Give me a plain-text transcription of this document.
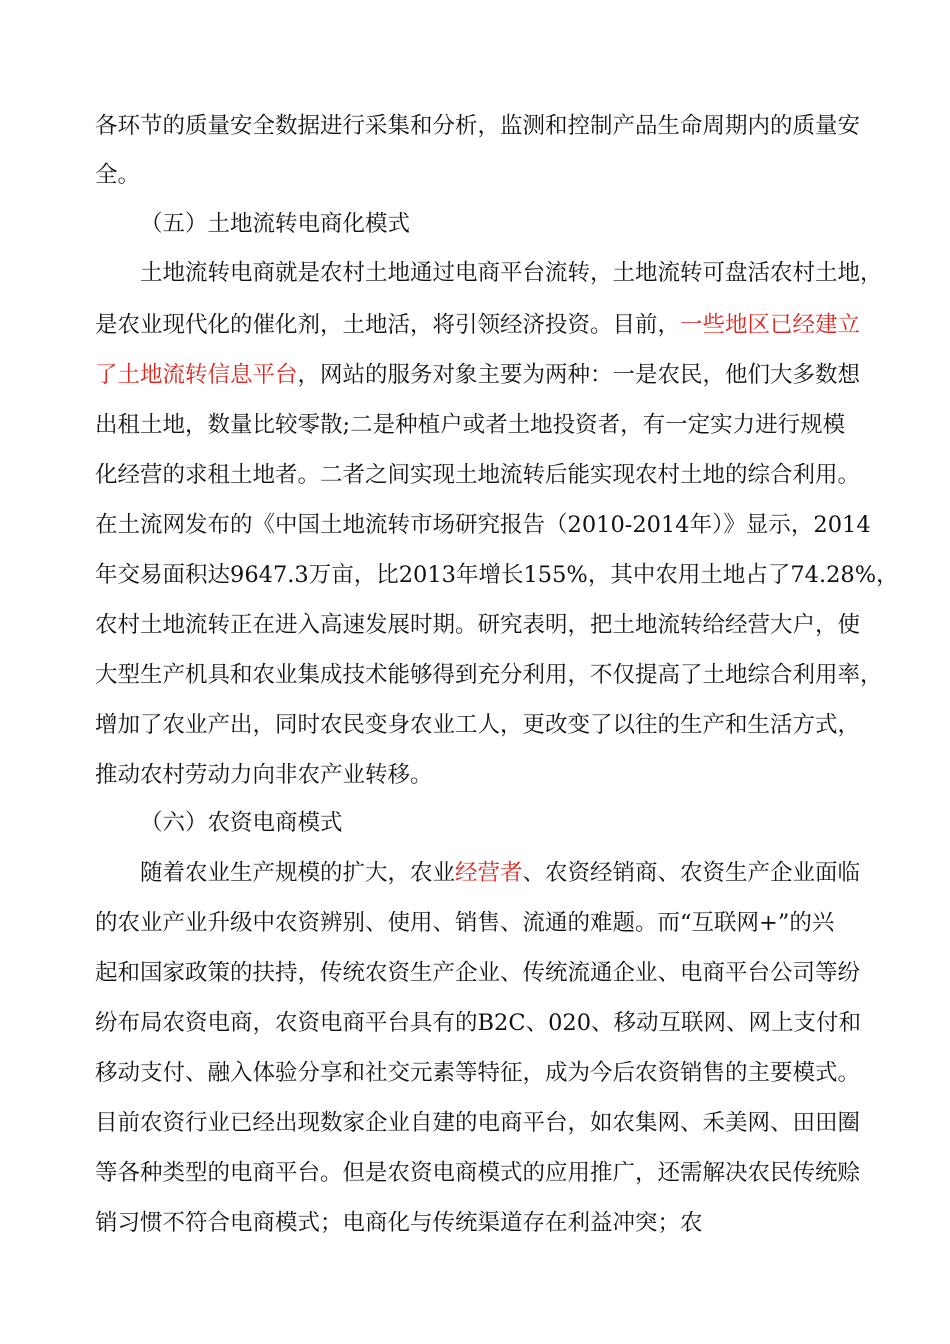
各环节的质量安全数据进行采集和分析，监测和控制产品生命周期内的质量安
全。
（五）土地流转电商化模式
土地流转电商就是农村土地通过电商平台流转，土地流转可盘活农村土地，
是农业现代化的催化剂，土地活，将引领经济投资。目前，一些地区已经建立
了土地流转信息平台，网站的服务对象主要为两种：一是农民，他们大多数想
出租土地，数量比较零散;二是种植户或者土地投资者，有一定实力进行规模
化经营的求租土地者。二者之间实现土地流转后能实现农村土地的综合利用。
在土流网发布的《中国土地流转市场研究报告（2010-2014年）》显示，2014
年交易面积达9647.3万亩，比2013年增长155%，其中农用土地占了74.28%，
农村土地流转正在进入高速发展时期。研究表明，把土地流转给经营大户，使
大型生产机具和农业集成技术能够得到充分利用，不仅提高了土地综合利用率，
增加了农业产出，同时农民变身农业工人，更改变了以往的生产和生活方式，
推动农村劳动力向非农产业转移。
（六）农资电商模式
随着农业生产规模的扩大，农业经营者、农资经销商、农资生产企业面临
的农业产业升级中农资辨别、使用、销售、流通的难题。而“互联网+”的兴
起和国家政策的扶持，传统农资生产企业、传统流通企业、电商平台公司等纷
纷布局农资电商，农资电商平台具有的B2C、020、移动互联网、网上支付和
移动支付、融入体验分享和社交元素等特征，成为今后农资销售的主要模式。
目前农资行业已经出现数家企业自建的电商平台，如农集网、禾美网、田田圈
等各种类型的电商平台。但是农资电商模式的应用推广，还需解决农民传统赊
销习惯不符合电商模式；电商化与传统渠道存在利益冲突；农
